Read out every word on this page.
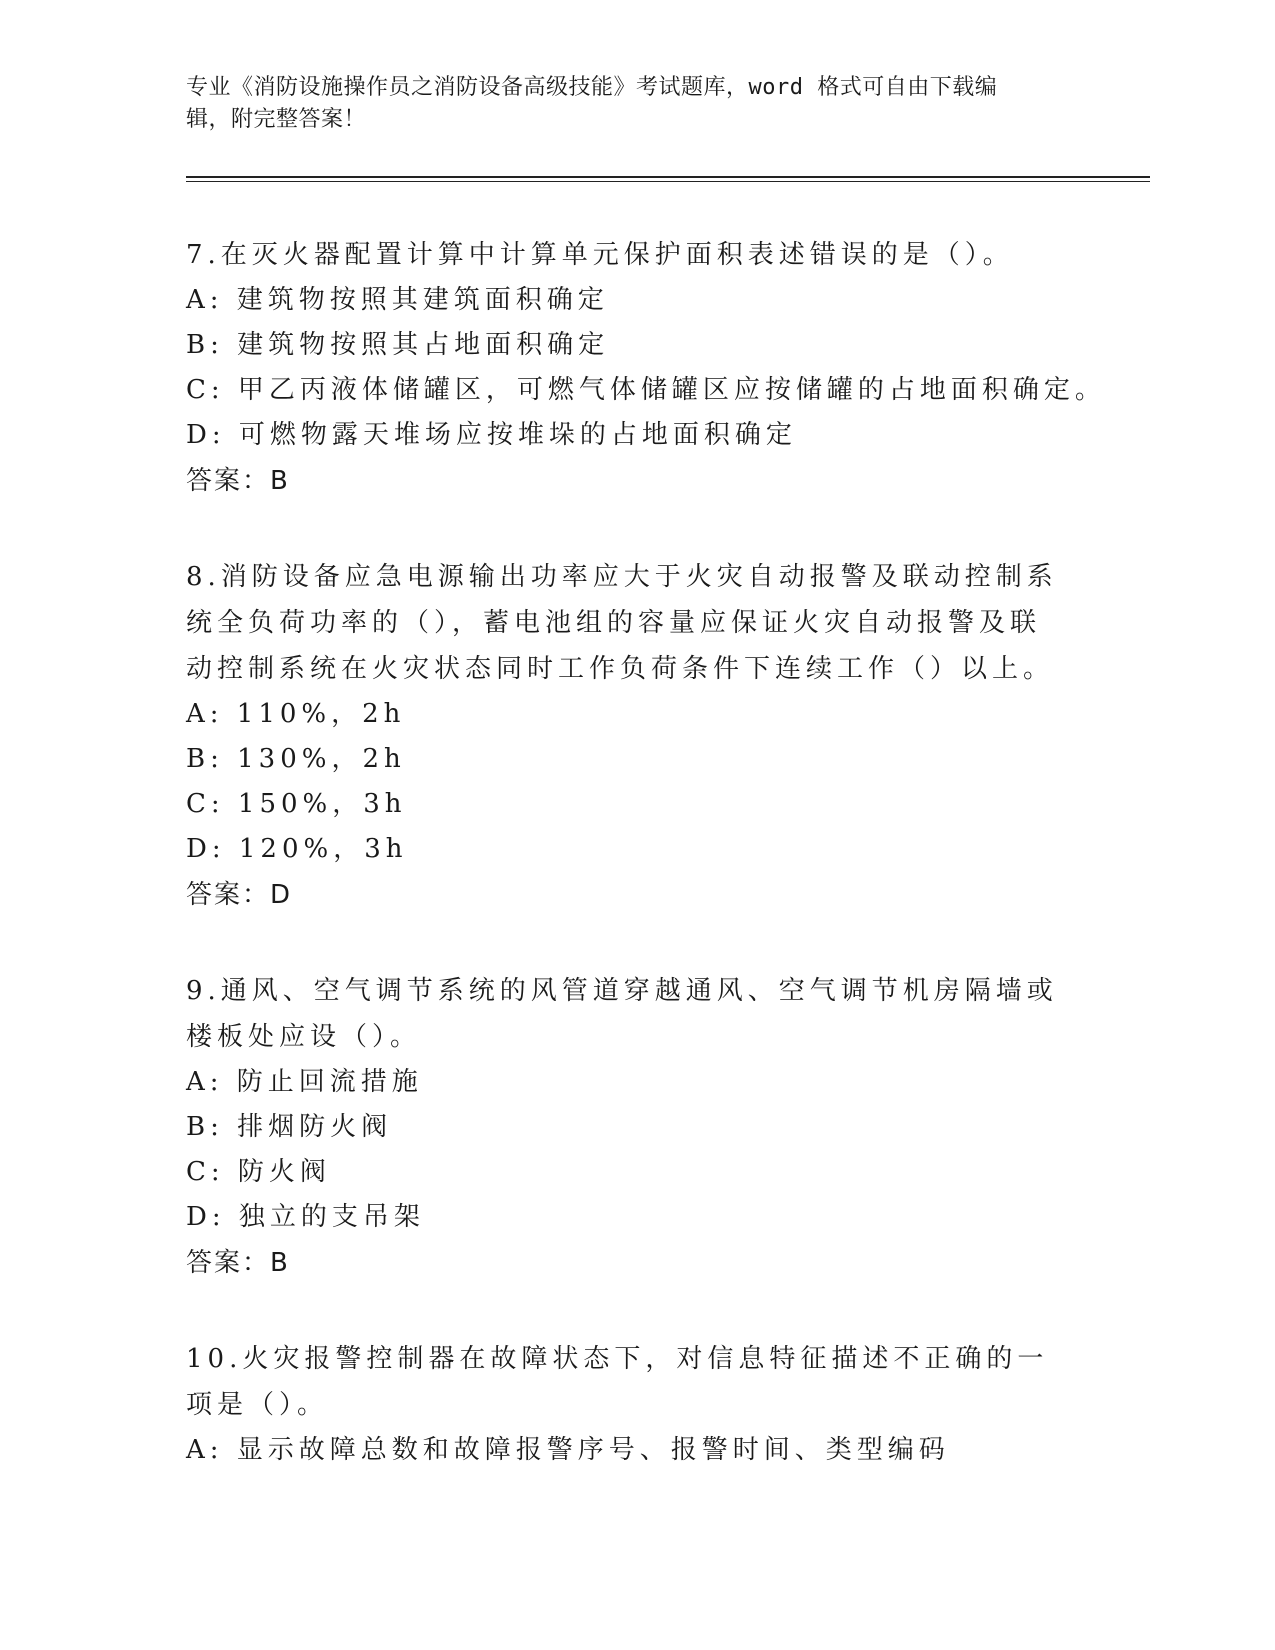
专业《消防设施操作员之消防设备高级技能》考试题库，word 格式可自由下载编
辑，附完整答案！
7.在灭火器配置计算中计算单元保护面积表述错误的是（）。
A: 建筑物按照其建筑面积确定
B: 建筑物按照其占地面积确定
C: 甲乙丙液体储罐区，可燃气体储罐区应按储罐的占地面积确定。
D: 可燃物露天堆场应按堆垛的占地面积确定
答案：B
8.消防设备应急电源输出功率应大于火灾自动报警及联动控制系统全负荷功率的（），蓄电池组的容量应保证火灾自动报警及联动控制系统在火灾状态同时工作负荷条件下连续工作（）以上。
A: 110%，2h
B: 130%，2h
C: 150%，3h
D: 120%，3h
答案：D
9.通风、空气调节系统的风管道穿越通风、空气调节机房隔墙或楼板处应设（）。
A: 防止回流措施
B: 排烟防火阀
C: 防火阀
D: 独立的支吊架
答案：B
10.火灾报警控制器在故障状态下，对信息特征描述不正确的一项是（）。
A: 显示故障总数和故障报警序号、报警时间、类型编码
